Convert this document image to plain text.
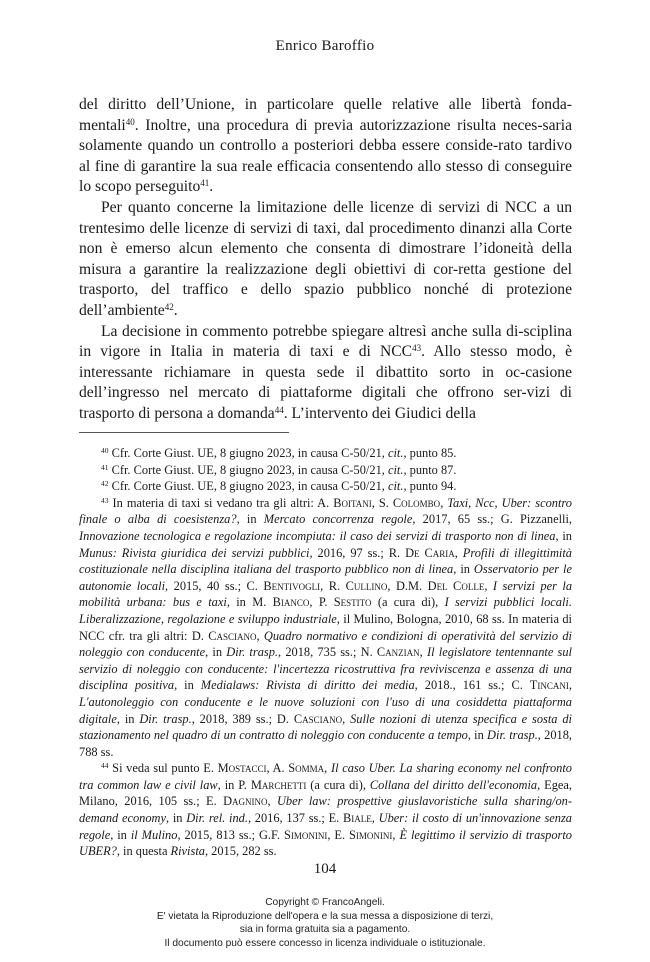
Enrico Baroffio

del diritto dell’Unione, in particolare quelle relative alle libertà fonda-mentali$^{40}$. Inoltre, una procedura di previa autorizzazione risulta neces-saria solamente quando un controllo a posteriori debba essere conside-rato tardivo al fine di garantire la sua reale efficacia consentendo allo stesso di conseguire lo scopo perseguito$^{41}$.

Per quanto concerne la limitazione delle licenze di servizi di NCC a un trentesimo delle licenze di servizi di taxi, dal procedimento dinanzi alla Corte non è emerso alcun elemento che consenta di dimostrare l’idoneità della misura a garantire la realizzazione degli obiettivi di cor-retta gestione del trasporto, del traffico e dello spazio pubblico nonché di protezione dell’ambiente$^{42}$.

La decisione in commento potrebbe spiegare altresì anche sulla di-sciplina in vigore in Italia in materia di taxi e di NCC$^{43}$. Allo stesso modo, è interessante richiamare in questa sede il dibattito sorto in oc-casione dell’ingresso nel mercato di piattaforme digitali che offrono ser-vizi di trasporto di persona a domanda$^{44}$. L’intervento dei Giudici della

$^{40}$ Cfr. Corte Giust. UE, 8 giugno 2023, in causa C-50/21, cit., punto 85.

$^{41}$ Cfr. Corte Giust. UE, 8 giugno 2023, in causa C-50/21, cit., punto 87.

$^{42}$ Cfr. Corte Giust. UE, 8 giugno 2023, in causa C-50/21, cit., punto 94.

$^{43}$ In materia di taxi si vedano tra gli altri: A. Boitani, S. Colombo, Taxi, Ncc, Uber: scontro finale o alba di coesistenza?, in Mercato concorrenza regole, 2017, 65 ss.; G. Pizzanelli, Innovazione tecnologica e regolazione incompiuta: il caso dei servizi di trasporto non di linea, in Munus: Rivista giuridica dei servizi pubblici, 2016, 97 ss.; R. De Caria, Profili di illegittimità costituzionale nella disciplina italiana del trasporto pubblico non di linea, in Osservatorio per le autonomie locali, 2015, 40 ss.; C. Bentivogli, R. Cullino, D.M. Del Colle, I servizi per la mobilità urbana: bus e taxi, in M. Bianco, P. Sestito (a cura di), I servizi pubblici locali. Liberalizzazione, regolazione e sviluppo industriale, il Mulino, Bologna, 2010, 68 ss. In materia di NCC cfr. tra gli altri: D. Casciano, Quadro normativo e condizioni di operatività del servizio di noleggio con conducente, in Dir. trasp., 2018, 735 ss.; N. Canzian, Il legislatore tentennante sul servizio di noleggio con conducente: l'incertezza ricostruttiva fra reviviscenza e assenza di una disciplina positiva, in Medialaws: Rivista di diritto dei media, 2018., 161 ss.; C. Tincani, L'autonoleggio con conducente e le nuove soluzioni con l'uso di una cosiddetta piattaforma digitale, in Dir. trasp., 2018, 389 ss.; D. Casciano, Sulle nozioni di utenza specifica e sosta di stazionamento nel quadro di un contratto di noleggio con conducente a tempo, in Dir. trasp., 2018, 788 ss.

$^{44}$ Si veda sul punto E. Mostacci, A. Somma, Il caso Uber. La sharing economy nel confronto tra common law e civil law, in P. Marchetti (a cura di), Collana del diritto dell'economia, Egea, Milano, 2016, 105 ss.; E. Dagnino, Uber law: prospettive giuslavoristiche sulla sharing/on-demand economy, in Dir. rel. ind., 2016, 137 ss.; E. Biale, Uber: il costo di un'innovazione senza regole, in il Mulino, 2015, 813 ss.; G.F. Simonini, E. Simonini, È legittimo il servizio di trasporto UBER?, in questa Rivista, 2015, 282 ss.

104
Copyright © FrancoAngeli.
E' vietata la Riproduzione dell'opera e la sua messa a disposizione di terzi,
sia in forma gratuita sia a pagamento.
Il documento può essere concesso in licenza individuale o istituzionale.
